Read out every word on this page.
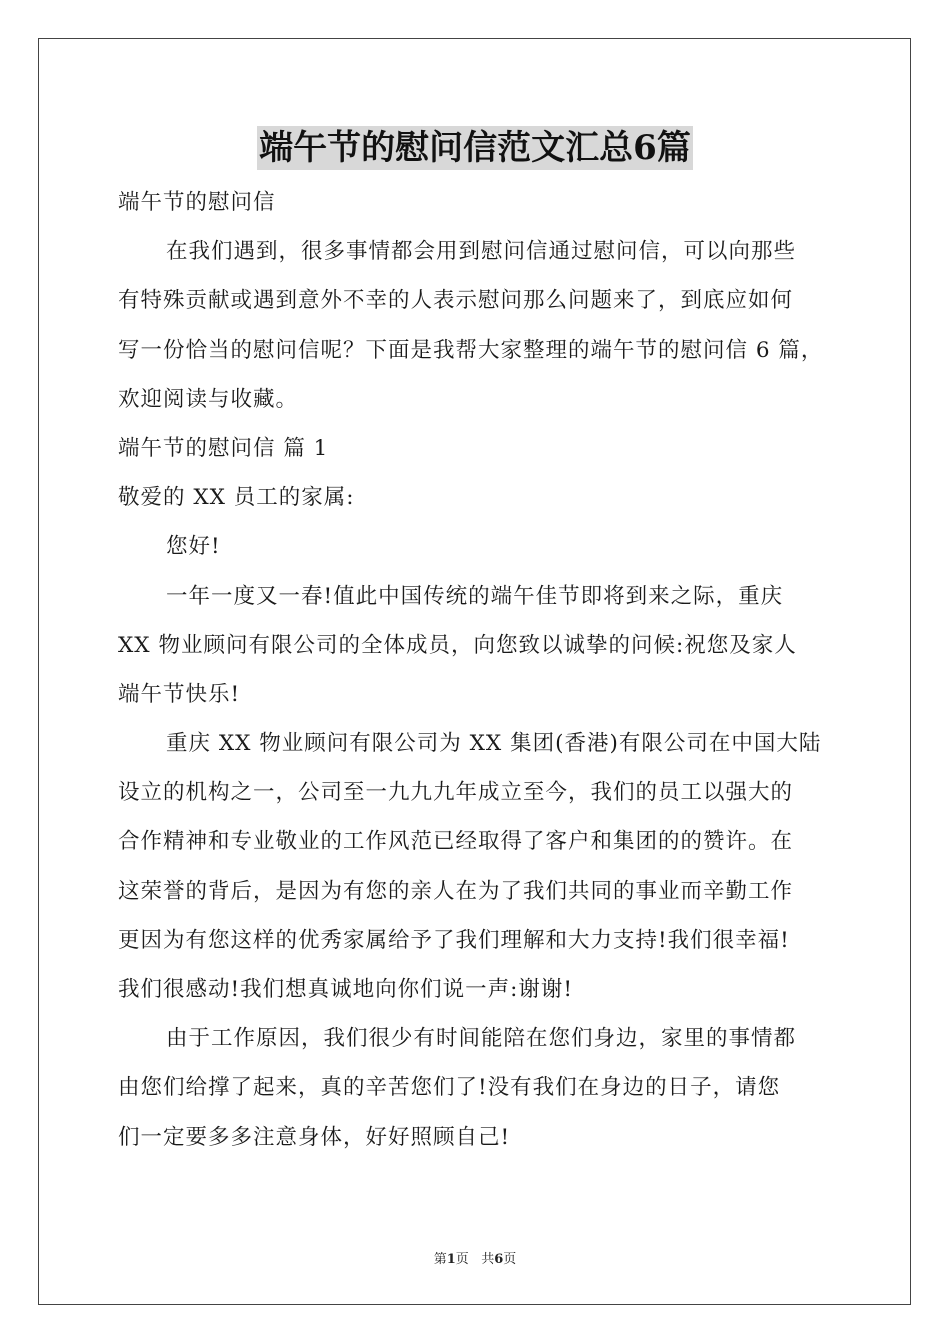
端午节的慰问信范文汇总6篇
端午节的慰问信
在我们遇到，很多事情都会用到慰问信通过慰问信，可以向那些
有特殊贡献或遇到意外不幸的人表示慰问那么问题来了，到底应如何
写一份恰当的慰问信呢？下面是我帮大家整理的端午节的慰问信 6 篇，
欢迎阅读与收藏。
端午节的慰问信 篇 1
敬爱的 XX 员工的家属:
您好!
一年一度又一春!值此中国传统的端午佳节即将到来之际，重庆
XX 物业顾问有限公司的全体成员，向您致以诚挚的问候:祝您及家人
端午节快乐!
重庆 XX 物业顾问有限公司为 XX 集团(香港)有限公司在中国大陆
设立的机构之一，公司至一九九九年成立至今，我们的员工以强大的
合作精神和专业敬业的工作风范已经取得了客户和集团的的赞许。在
这荣誉的背后，是因为有您的亲人在为了我们共同的事业而辛勤工作
更因为有您这样的优秀家属给予了我们理解和大力支持!我们很幸福!
我们很感动!我们想真诚地向你们说一声:谢谢!
由于工作原因，我们很少有时间能陪在您们身边，家里的事情都
由您们给撑了起来，真的辛苦您们了!没有我们在身边的日子，请您
们一定要多多注意身体，好好照顾自己!
第1页 共6页
